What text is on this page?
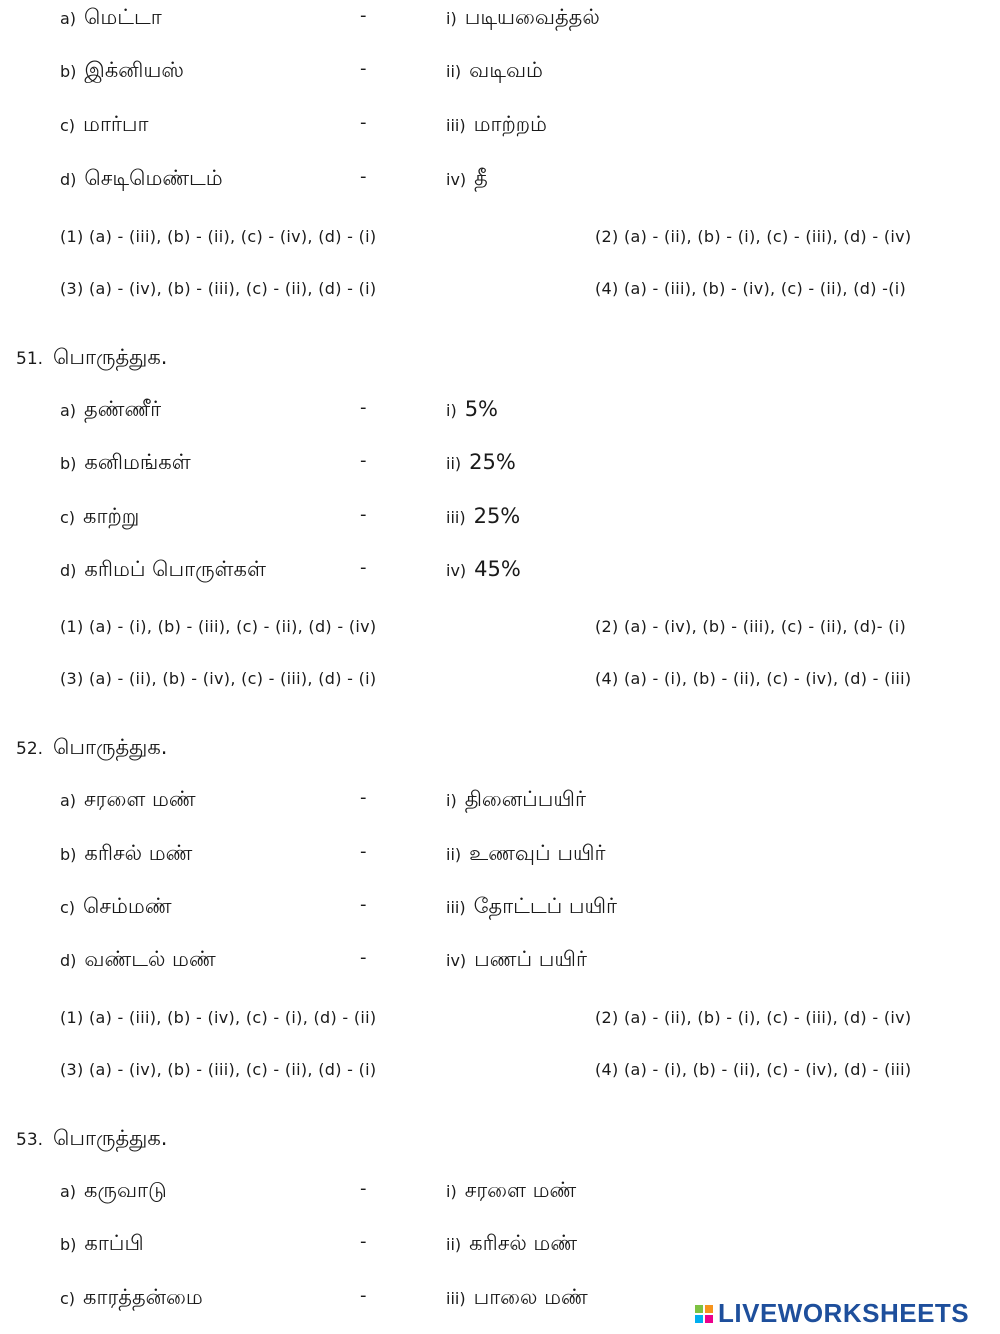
a) மெட்டா	-	i) படியவைத்தல்
b) இக்னியஸ்	-	ii) வடிவம்
c) மார்பா	-	iii) மாற்றம்
d) செடிமெண்டம்	-	iv) தீ
(1) (a) - (iii), (b) - (ii), (c) - (iv), (d) - (i)	(2) (a) - (ii), (b) - (i), (c) - (iii), (d) - (iv)
(3) (a) - (iv), (b) - (iii), (c) - (ii), (d) - (i)	(4) (a) - (iii), (b) - (iv), (c) - (ii), (d) -(i)
51. பொருத்துக.
a) தண்ணீர்	-	i) 5%
b) கனிமங்கள்	-	ii) 25%
c) காற்று	-	iii) 25%
d) கரிமப் பொருள்கள்	-	iv) 45%
(1) (a) - (i), (b) - (iii), (c) - (ii), (d) - (iv)	(2) (a) - (iv), (b) - (iii), (c) - (ii), (d)- (i)
(3) (a) - (ii), (b) - (iv), (c) - (iii), (d) - (i)	(4) (a) - (i), (b) - (ii), (c) - (iv), (d) - (iii)
52. பொருத்துக.
a) சரளை மண்	-	i) தினைப்பயிர்
b) கரிசல் மண்	-	ii) உணவுப் பயிர்
c) செம்மண்	-	iii) தோட்டப் பயிர்
d) வண்டல் மண்	-	iv) பணப் பயிர்
(1) (a) - (iii), (b) - (iv), (c) - (i), (d) - (ii)	(2) (a) - (ii), (b) - (i), (c) - (iii), (d) - (iv)
(3) (a) - (iv), (b) - (iii), (c) - (ii), (d) - (i)	(4) (a) - (i), (b) - (ii), (c) - (iv), (d) - (iii)
53. பொருத்துக.
a) கருவாடு	-	i) சரளை மண்
b) காப்பி	-	ii) கரிசல் மண்
c) காரத்தன்மை	-	iii) பாலை மண்
LIVEWORKSHEETS
